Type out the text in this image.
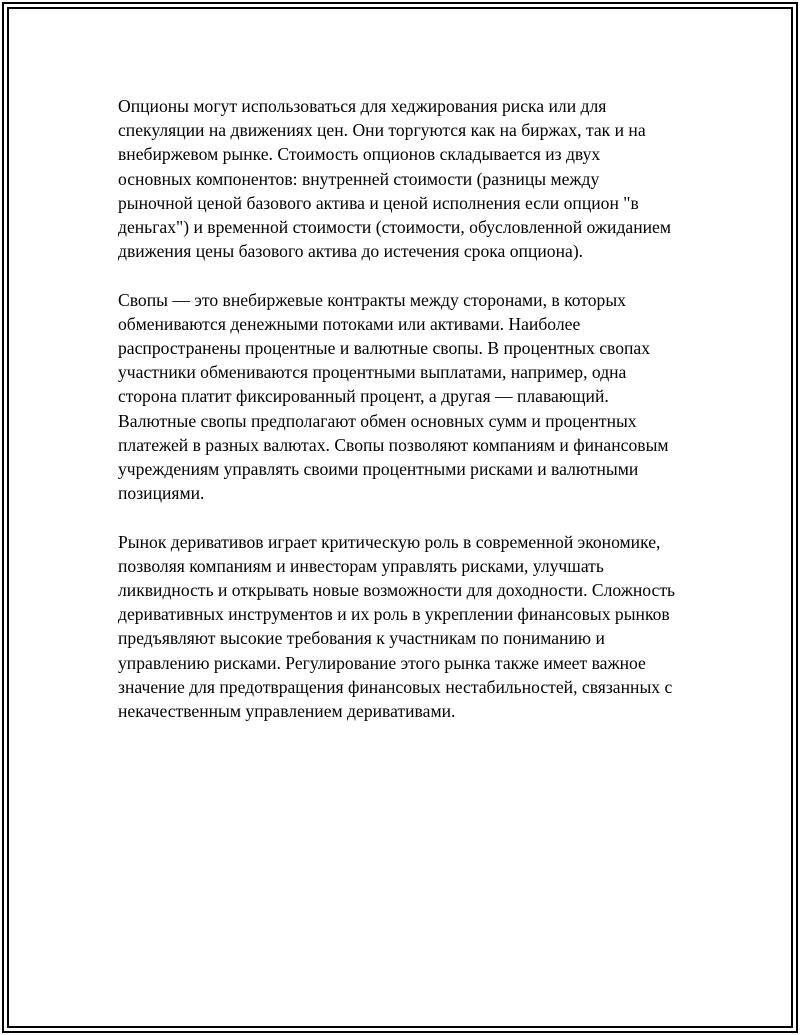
Опционы могут использоваться для хеджирования риска или для спекуляции на движениях цен. Они торгуются как на биржах, так и на внебиржевом рынке. Стоимость опционов складывается из двух основных компонентов: внутренней стоимости (разницы между рыночной ценой базового актива и ценой исполнения если опцион "в деньгах") и временной стоимости (стоимости, обусловленной ожиданием движения цены базового актива до истечения срока опциона).

Свопы — это внебиржевые контракты между сторонами, в которых обмениваются денежными потоками или активами. Наиболее распространены процентные и валютные свопы. В процентных свопах участники обмениваются процентными выплатами, например, одна сторона платит фиксированный процент, а другая — плавающий. Валютные свопы предполагают обмен основных сумм и процентных платежей в разных валютах. Свопы позволяют компаниям и финансовым учреждениям управлять своими процентными рисками и валютными позициями.

Рынок деривативов играет критическую роль в современной экономике, позволяя компаниям и инвесторам управлять рисками, улучшать ликвидность и открывать новые возможности для доходности. Сложность деривативных инструментов и их роль в укреплении финансовых рынков предъявляют высокие требования к участникам по пониманию и управлению рисками. Регулирование этого рынка также имеет важное значение для предотвращения финансовых нестабильностей, связанных с некачественным управлением деривативами.
